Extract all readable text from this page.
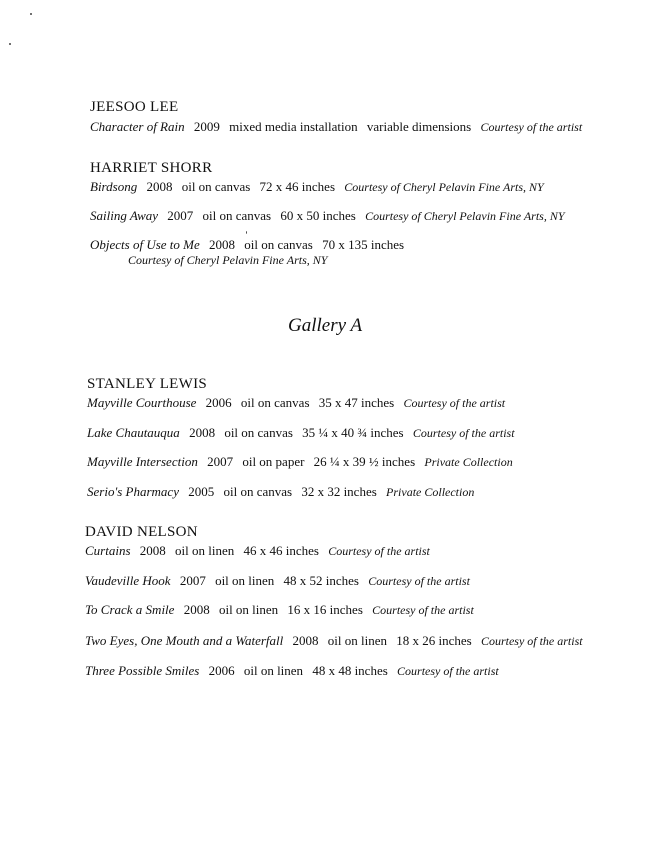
JEESOO LEE
Character of Rain 2009 mixed media installation variable dimensions Courtesy of the artist
HARRIET SHORR
Birdsong 2008 oil on canvas 72 x 46 inches Courtesy of Cheryl Pelavin Fine Arts, NY
Sailing Away 2007 oil on canvas 60 x 50 inches Courtesy of Cheryl Pelavin Fine Arts, NY
Objects of Use to Me 2008 oil on canvas 70 x 135 inches
Courtesy of Cheryl Pelavin Fine Arts, NY
Gallery A
STANLEY LEWIS
Mayville Courthouse 2006 oil on canvas 35 x 47 inches Courtesy of the artist
Lake Chautauqua 2008 oil on canvas 35 ¼ x 40 ¾ inches Courtesy of the artist
Mayville Intersection 2007 oil on paper 26 ¼ x 39 ½ inches Private Collection
Serio's Pharmacy 2005 oil on canvas 32 x 32 inches Private Collection
DAVID NELSON
Curtains 2008 oil on linen 46 x 46 inches Courtesy of the artist
Vaudeville Hook 2007 oil on linen 48 x 52 inches Courtesy of the artist
To Crack a Smile 2008 oil on linen 16 x 16 inches Courtesy of the artist
Two Eyes, One Mouth and a Waterfall 2008 oil on linen 18 x 26 inches Courtesy of the artist
Three Possible Smiles 2006 oil on linen 48 x 48 inches Courtesy of the artist
